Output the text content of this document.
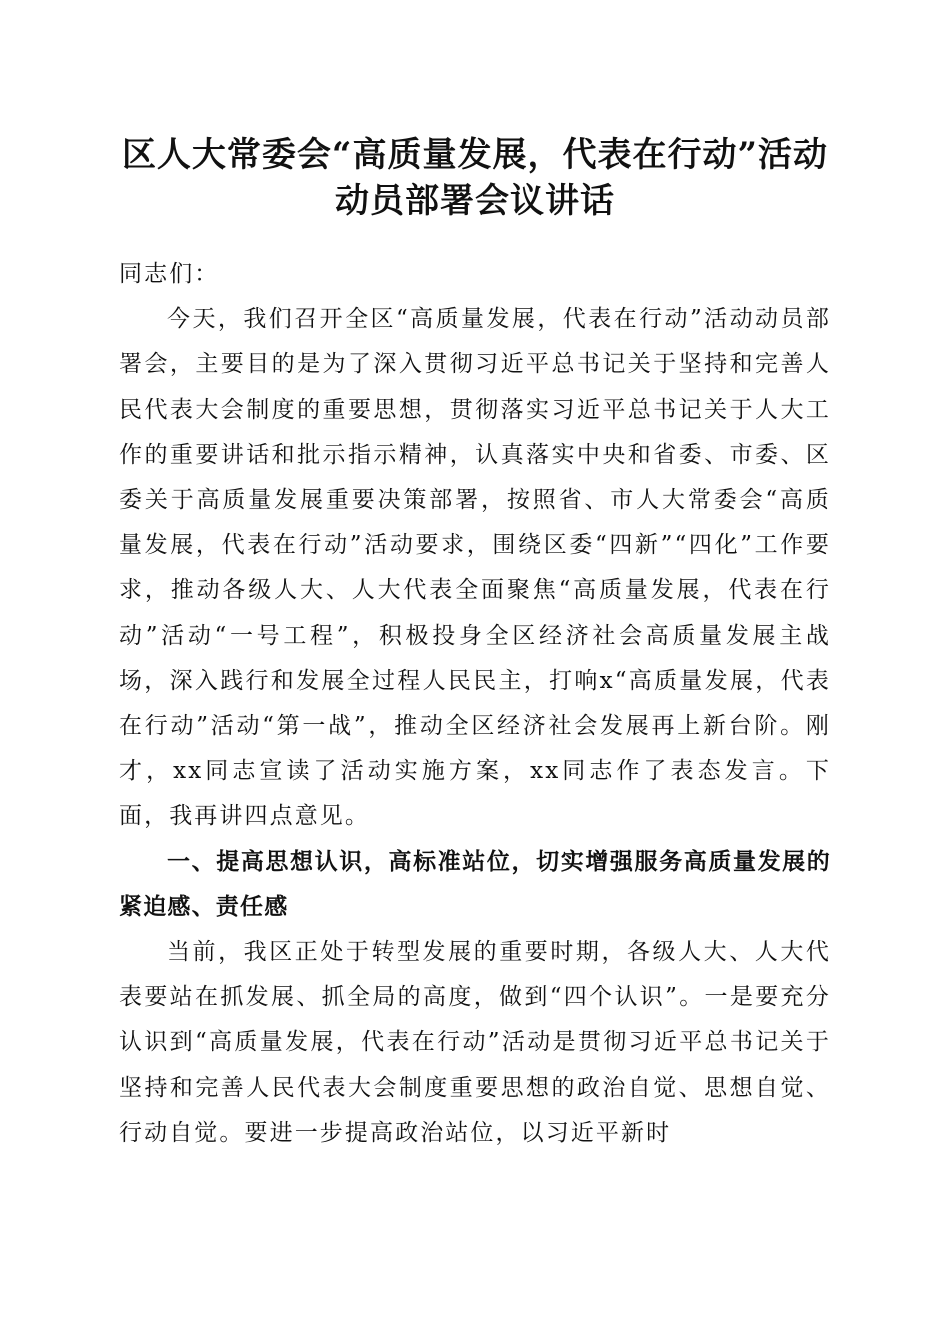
区人大常委会“高质量发展，代表在行动”活动动员部署会议讲话

同志们：

今天，我们召开全区“高质量发展，代表在行动”活动动员部署会，主要目的是为了深入贯彻习近平总书记关于坚持和完善人民代表大会制度的重要思想，贯彻落实习近平总书记关于人大工作的重要讲话和批示指示精神，认真落实中央和省委、市委、区委关于高质量发展重要决策部署，按照省、市人大常委会“高质量发展，代表在行动”活动要求，围绕区委“四新”“四化”工作要求，推动各级人大、人大代表全面聚焦“高质量发展，代表在行动”活动“一号工程”，积极投身全区经济社会高质量发展主战场，深入践行和发展全过程人民民主，打响x“高质量发展，代表在行动”活动“第一战”，推动全区经济社会发展再上新台阶。刚才，xx同志宣读了活动实施方案，xx同志作了表态发言。下面，我再讲四点意见。

一、提高思想认识，高标准站位，切实增强服务高质量发展的紧迫感、责任感

当前，我区正处于转型发展的重要时期，各级人大、人大代表要站在抓发展、抓全局的高度，做到“四个认识”。一是要充分认识到“高质量发展，代表在行动”活动是贯彻习近平总书记关于坚持和完善人民代表大会制度重要思想的政治自觉、思想自觉、行动自觉。要进一步提高政治站位，以习近平新时
